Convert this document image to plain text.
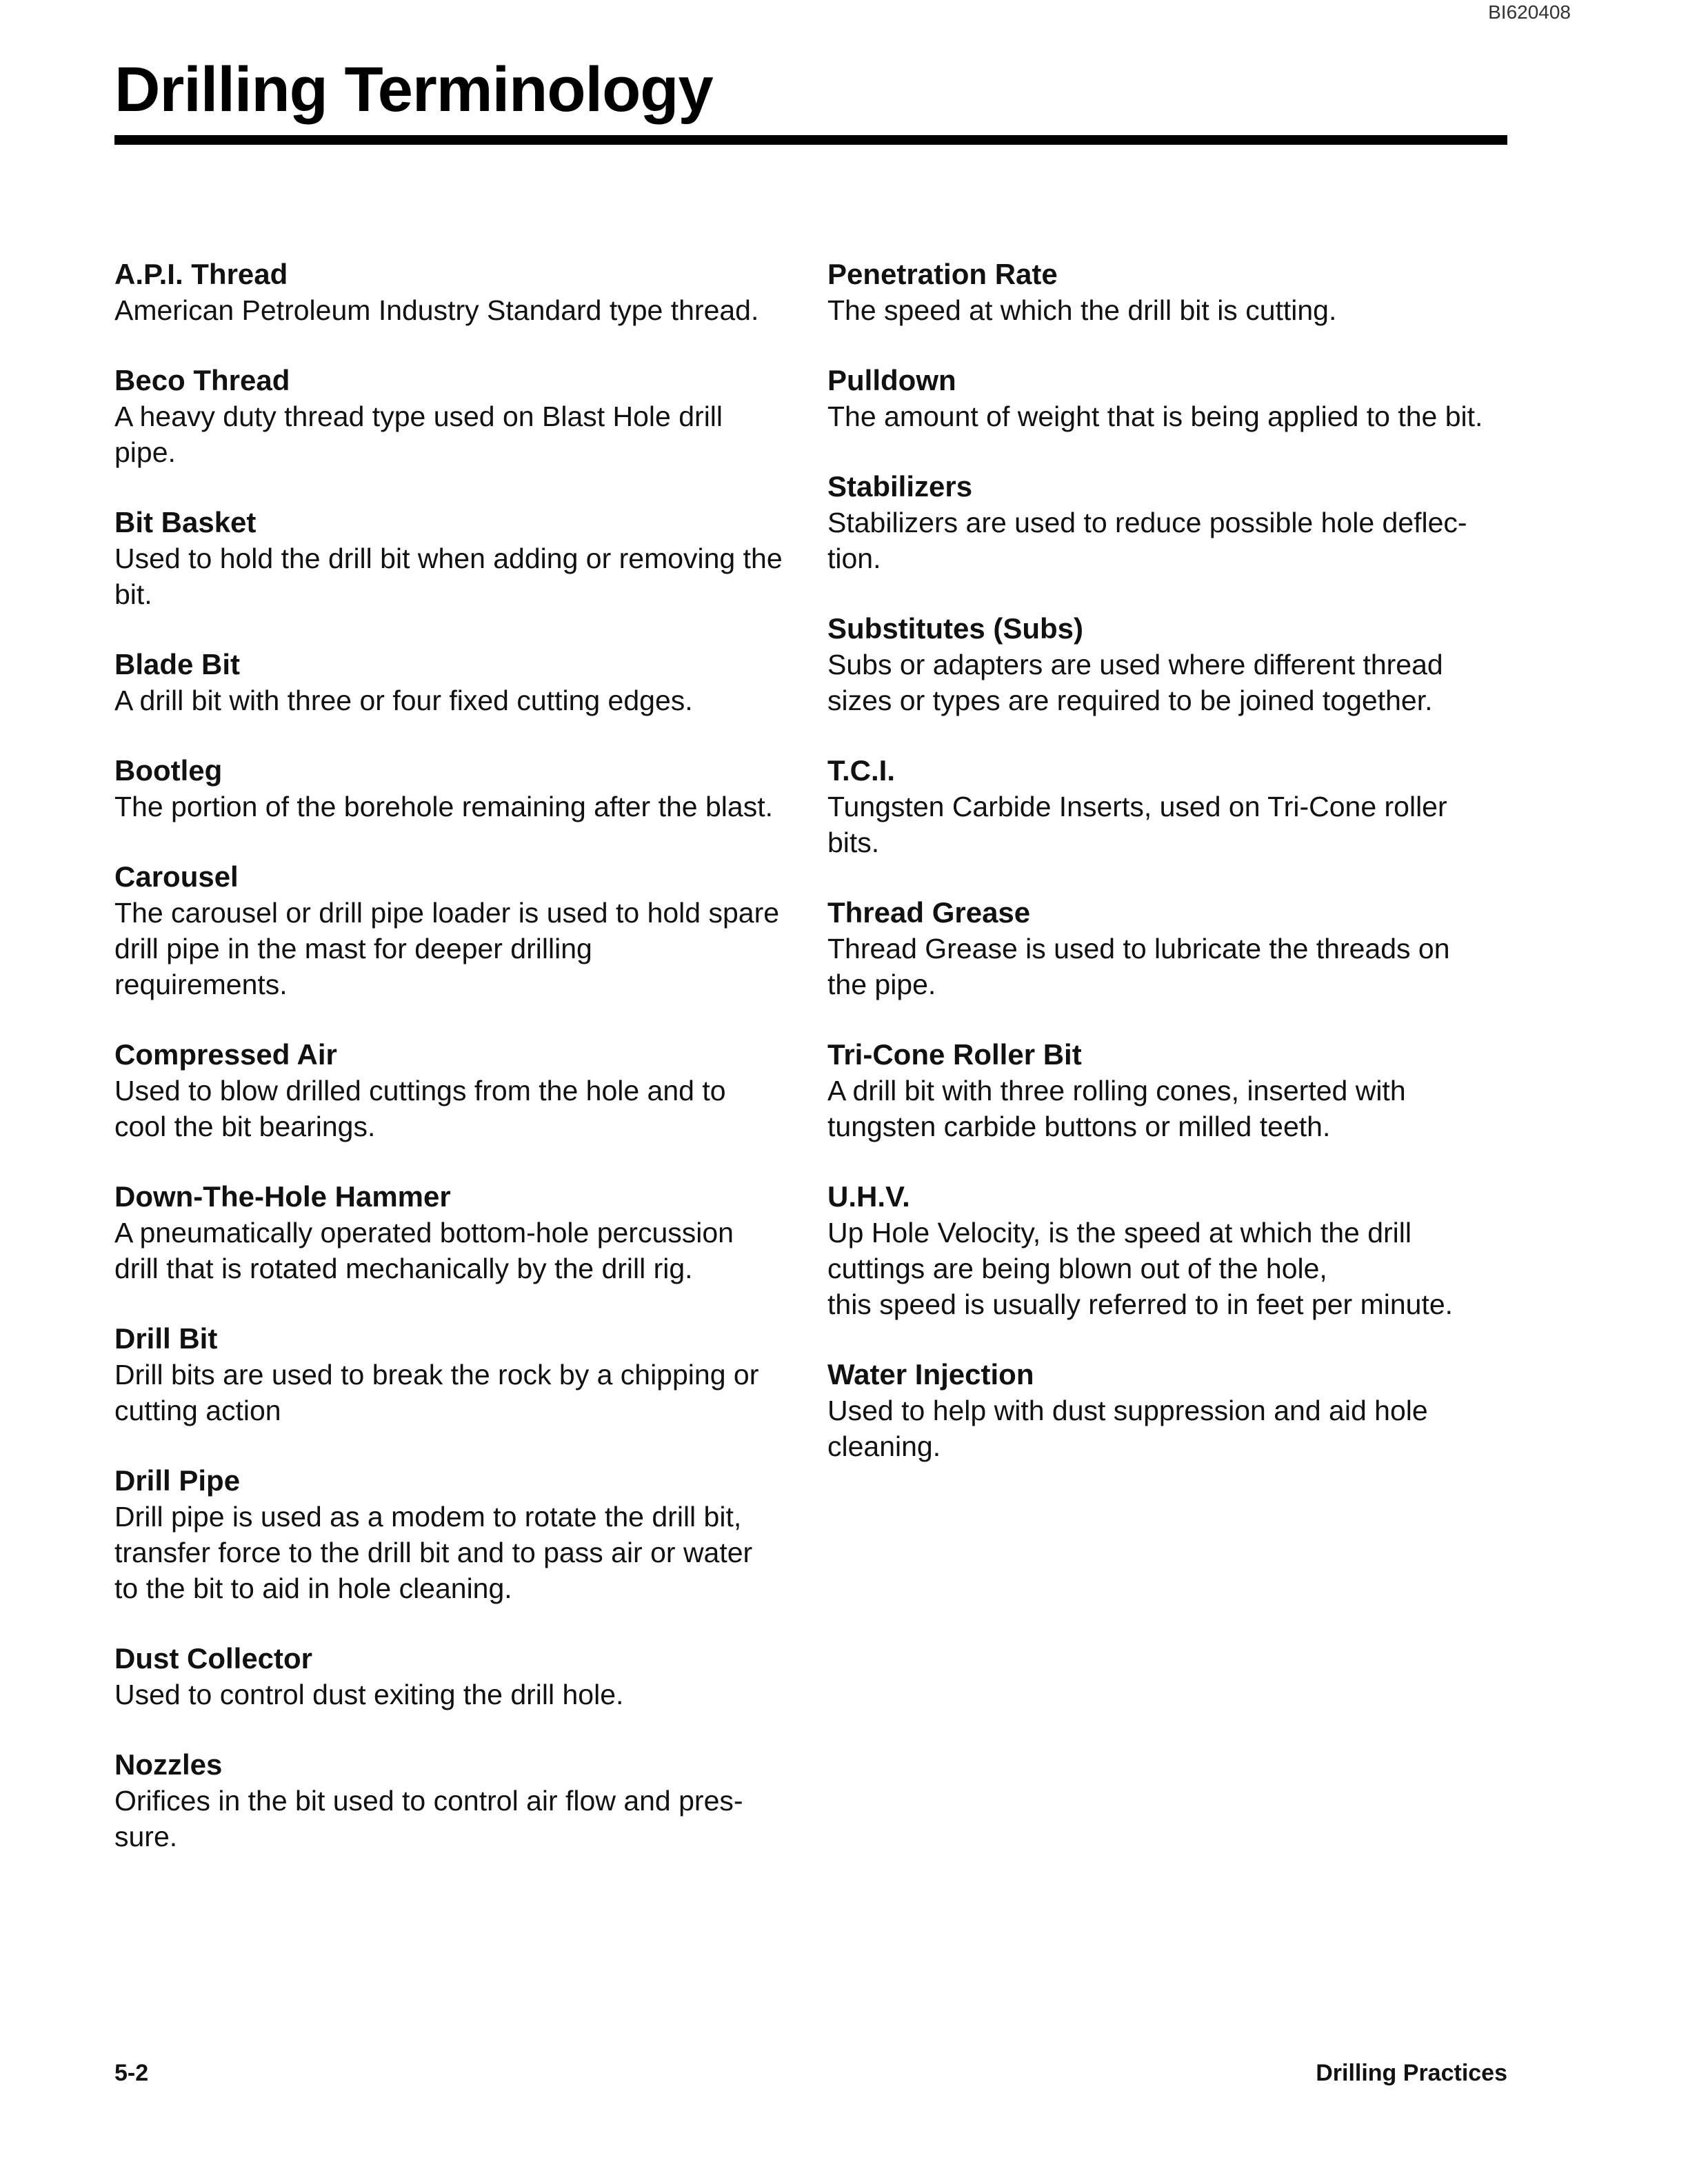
BI620408
Drilling Terminology
A.P.I. Thread
American Petroleum Industry Standard type thread.
Beco Thread
A heavy duty thread type used on Blast Hole drill
pipe.
Bit Basket
Used to hold the drill bit when adding or removing the
bit.
Blade Bit
A drill bit with three or four fixed cutting edges.
Bootleg
The portion of the borehole remaining after the blast.
Carousel
The carousel or drill pipe loader is used to hold spare
drill pipe in the mast for deeper drilling
requirements.
Compressed Air
Used to blow drilled cuttings from the hole and to
cool the bit bearings.
Down-The-Hole Hammer
A pneumatically operated bottom-hole percussion
drill that is rotated mechanically by the drill rig.
Drill Bit
Drill bits are used to break the rock by a chipping or
cutting action
Drill Pipe
Drill pipe is used as a modem to rotate the drill bit,
transfer force to the drill bit and to pass air or water
to the bit to aid in hole cleaning.
Dust Collector
Used to control dust exiting the drill hole.
Nozzles
Orifices in the bit used to control air flow and pres-
sure.
Penetration Rate
The speed at which the drill bit is cutting.
Pulldown
The amount of weight that is being applied to the bit.
Stabilizers
Stabilizers are used to reduce possible hole deflec-
tion.
Substitutes (Subs)
Subs or adapters are used where different thread
sizes or types are required to be joined together.
T.C.I.
Tungsten Carbide Inserts, used on Tri-Cone roller
bits.
Thread Grease
Thread Grease is used to lubricate the threads on
the pipe.
Tri-Cone Roller Bit
A drill bit with three rolling cones, inserted with
tungsten carbide buttons or milled teeth.
U.H.V.
Up Hole Velocity, is the speed at which the drill
cuttings are being blown out of the hole,
this speed is usually referred to in feet per minute.
Water Injection
Used to help with dust suppression and aid hole
cleaning.
5-2	Drilling Practices
